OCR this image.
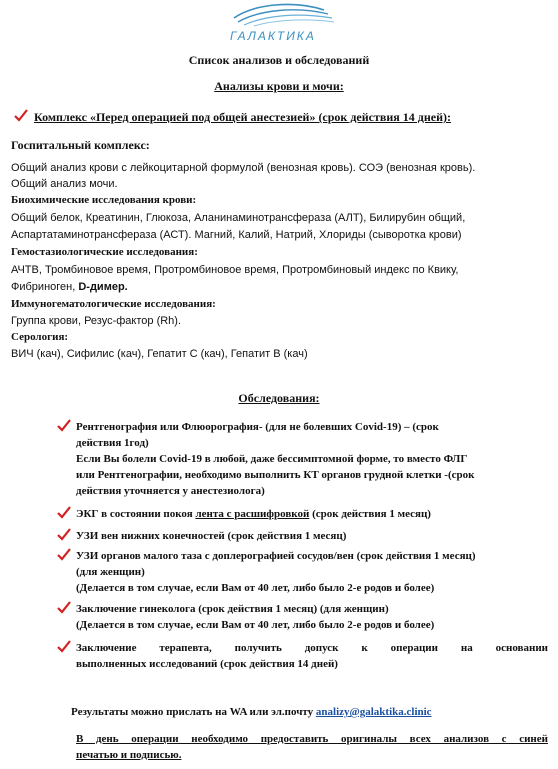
ГАЛАКТИКА
Список анализов и обследований
Анализы крови и мочи:
Комплекс «Перед операцией под общей анестезией» (срок действия 14 дней):
Госпитальный комплекс:
Общий анализ крови с лейкоцитарной формулой (венозная кровь). СОЭ (венозная кровь).
Общий анализ мочи.
Биохимические исследования крови:
Общий белок, Креатинин, Глюкоза, Аланинаминотрансфераза (АЛТ), Билирубин общий,
Аспартатаминотрансфераза (АСТ). Магний, Калий, Натрий, Хлориды (сыворотка крови)
Гемостазиологические исследования:
АЧТВ, Тромбиновое время, Протромбиновое время, Протромбиновый индекс по Квику,
Фибриноген, D-димер.
Иммуногематологические исследования:
Группа крови, Резус-фактор (Rh).
Серология:
ВИЧ (кач), Сифилис (кач), Гепатит С (кач), Гепатит В (кач)
Обследования:
Рентгенография или Флюорография- (для не болевших Covid-19) – (срок
действия 1год)
Если Вы болели Covid-19 в любой, даже бессимптомной форме, то вместо ФЛГ
или Рентгенографии, необходимо выполнить КТ органов грудной клетки -(срок
действия уточняется у анестезиолога)
ЭКГ в состоянии покоя лента с расшифровкой (срок действия 1 месяц)
УЗИ вен нижних конечностей (срок действия 1 месяц)
УЗИ органов малого таза с доплерографией сосудов/вен (срок действия 1 месяц)
(для женщин)
(Делается в том случае, если Вам от 40 лет, либо было 2-е родов и более)
Заключение гинеколога (срок действия 1 месяц) (для женщин)
(Делается в том случае, если Вам от 40 лет, либо было 2-е родов и более)
Заключение терапевта, получить допуск к операции на основании
выполненных исследований (срок действия 14 дней)
Результаты можно прислать на WA или эл.почту analizy@galaktika.clinic
В день операции необходимо предоставить оригиналы всех анализов с синей
печатью и подписью.
